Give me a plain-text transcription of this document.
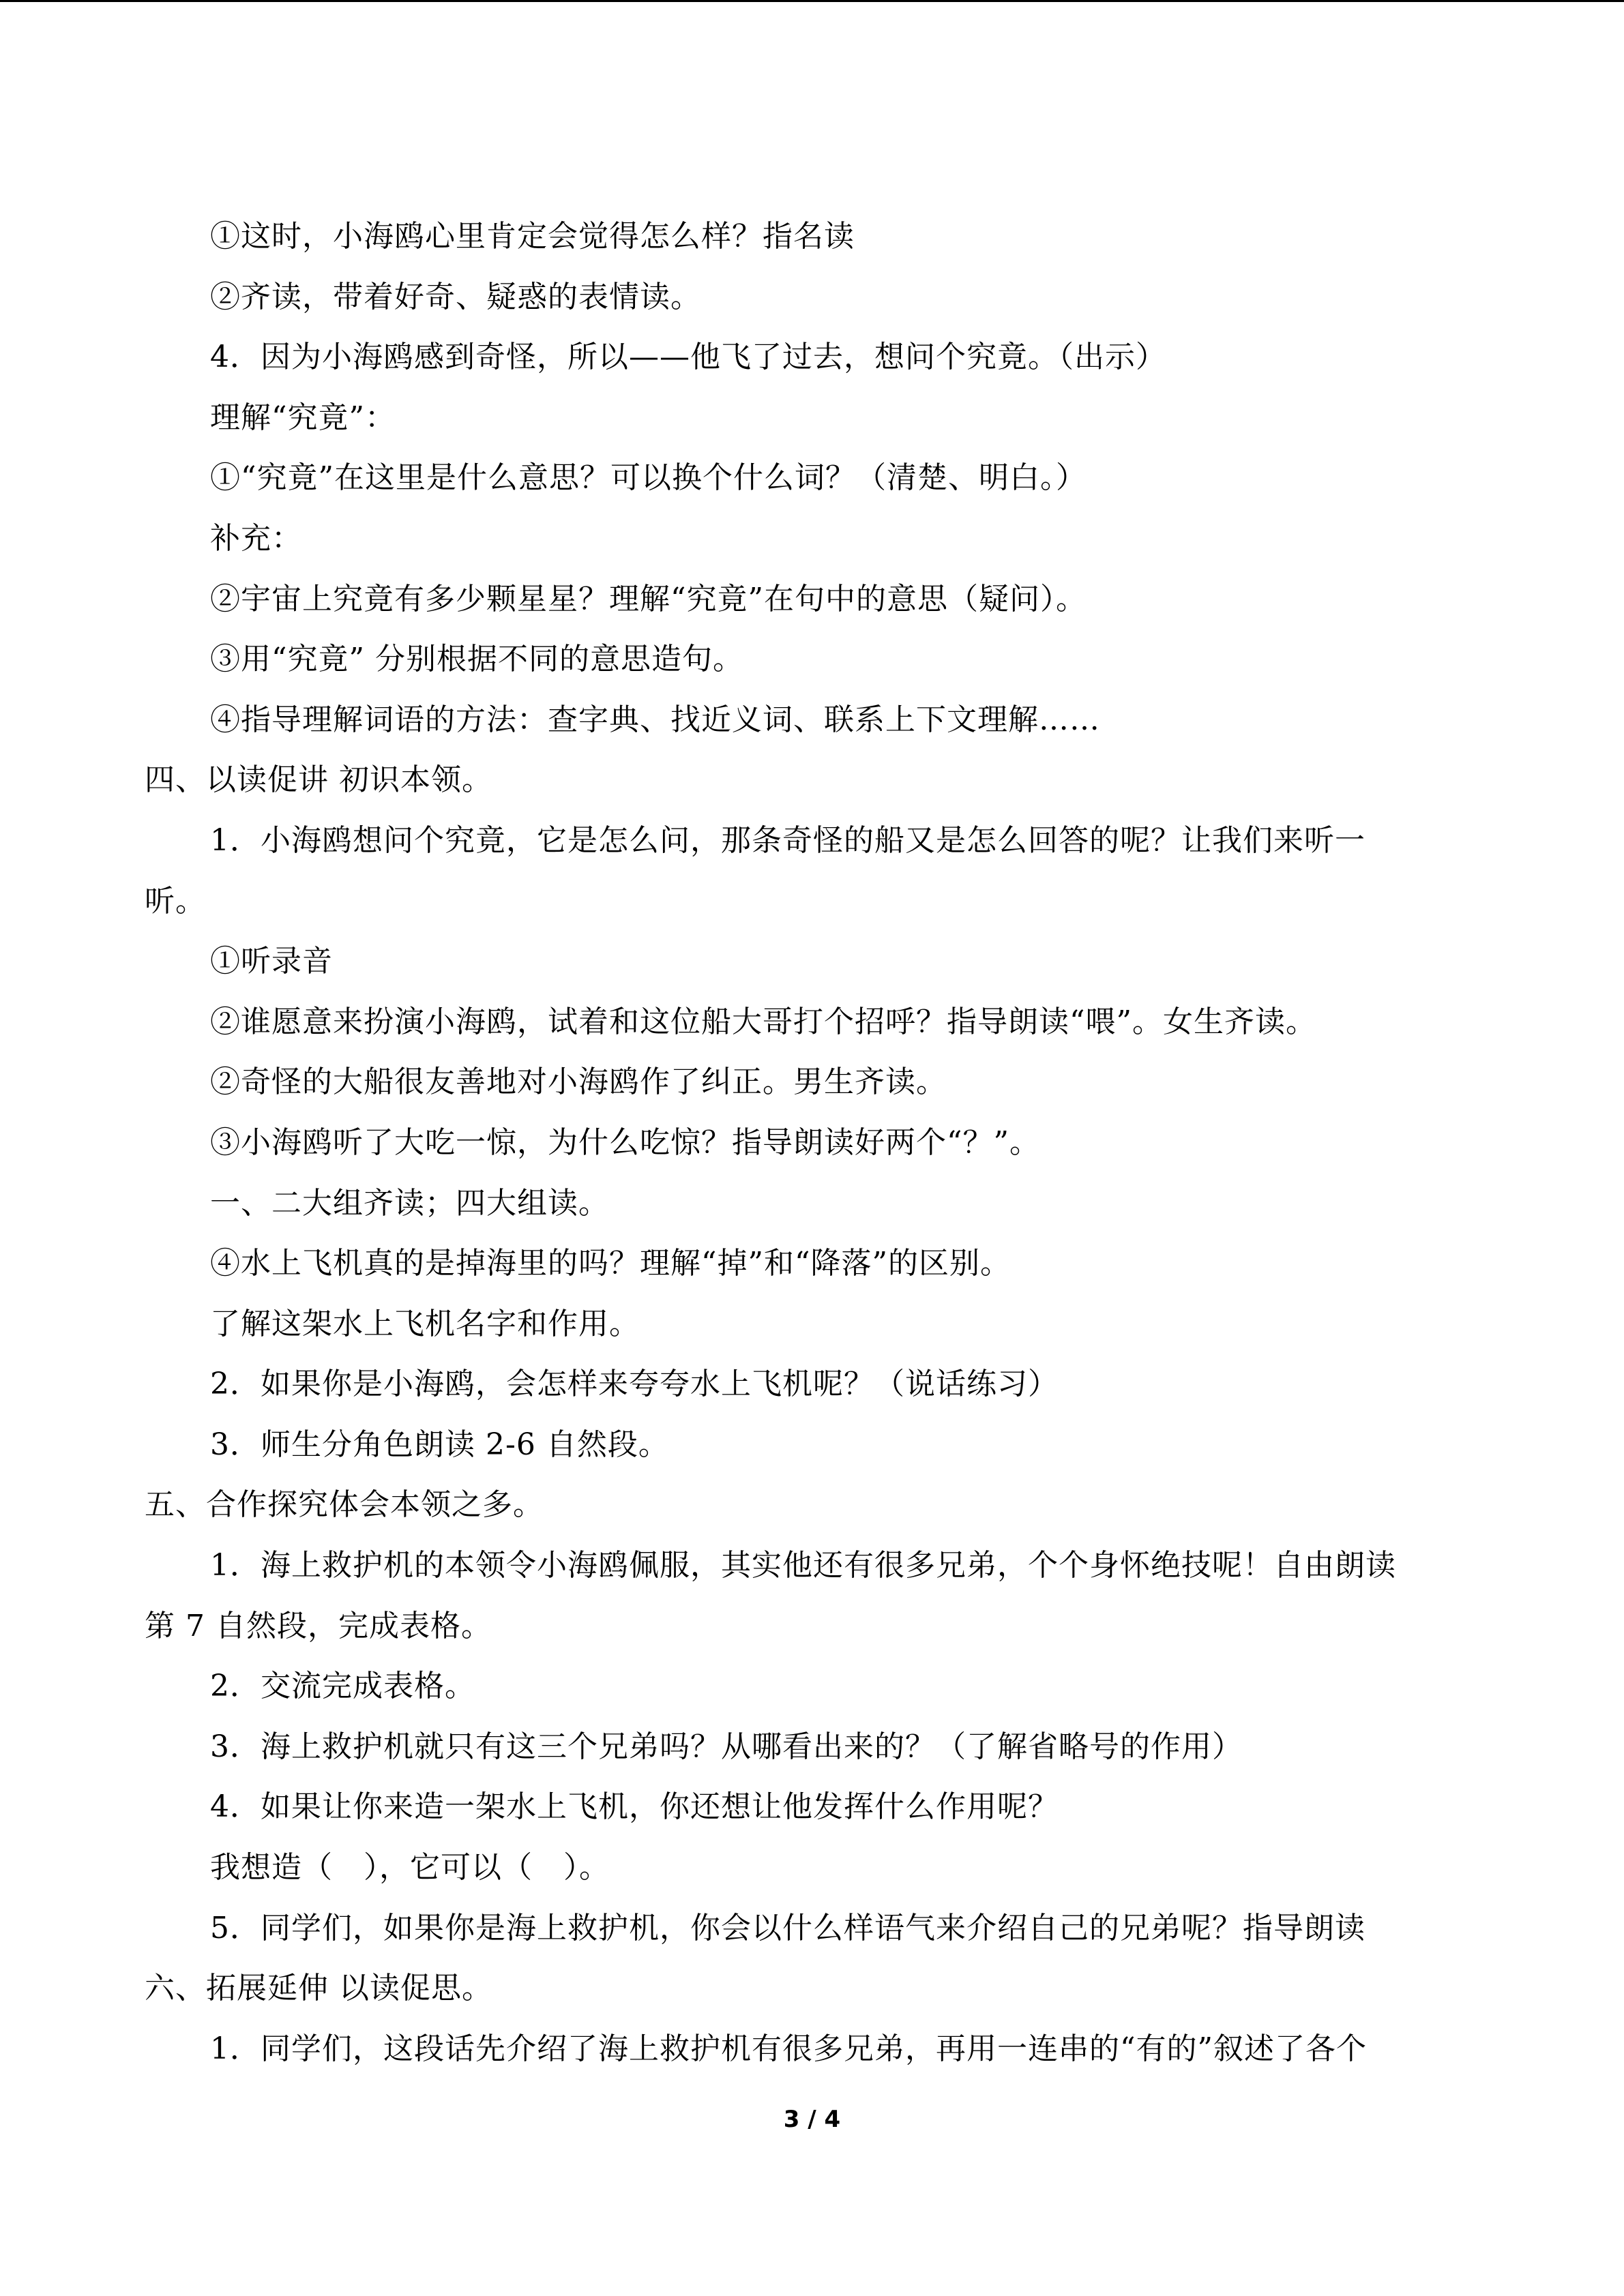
①这时，小海鸥心里肯定会觉得怎么样？指名读
②齐读，带着好奇、疑惑的表情读。
4．因为小海鸥感到奇怪，所以——他飞了过去，想问个究竟。（出示）
理解“究竟”：
①“究竟”在这里是什么意思？可以换个什么词？（清楚、明白。）
补充：
②宇宙上究竟有多少颗星星？理解“究竟”在句中的意思（疑问）。
③用“究竟” 分别根据不同的意思造句。
④指导理解词语的方法：查字典、找近义词、联系上下文理解……
四、以读促讲 初识本领。
1．小海鸥想问个究竟，它是怎么问，那条奇怪的船又是怎么回答的呢？让我们来听一
听。
①听录音
②谁愿意来扮演小海鸥，试着和这位船大哥打个招呼？指导朗读“喂”。女生齐读。
②奇怪的大船很友善地对小海鸥作了纠正。男生齐读。
③小海鸥听了大吃一惊，为什么吃惊？指导朗读好两个“？”。
一、二大组齐读；四大组读。
④水上飞机真的是掉海里的吗？理解“掉”和“降落”的区别。
了解这架水上飞机名字和作用。
2．如果你是小海鸥，会怎样来夸夸水上飞机呢？（说话练习）
3．师生分角色朗读 2-6 自然段。
五、合作探究体会本领之多。
1．海上救护机的本领令小海鸥佩服，其实他还有很多兄弟，个个身怀绝技呢！自由朗读
第 7 自然段，完成表格。
2．交流完成表格。
3．海上救护机就只有这三个兄弟吗？从哪看出来的？（了解省略号的作用）
4．如果让你来造一架水上飞机，你还想让他发挥什么作用呢？
我想造（　），它可以（　）。
5．同学们，如果你是海上救护机，你会以什么样语气来介绍自己的兄弟呢？指导朗读
六、拓展延伸 以读促思。
1．同学们，这段话先介绍了海上救护机有很多兄弟，再用一连串的“有的”叙述了各个
3 / 4
